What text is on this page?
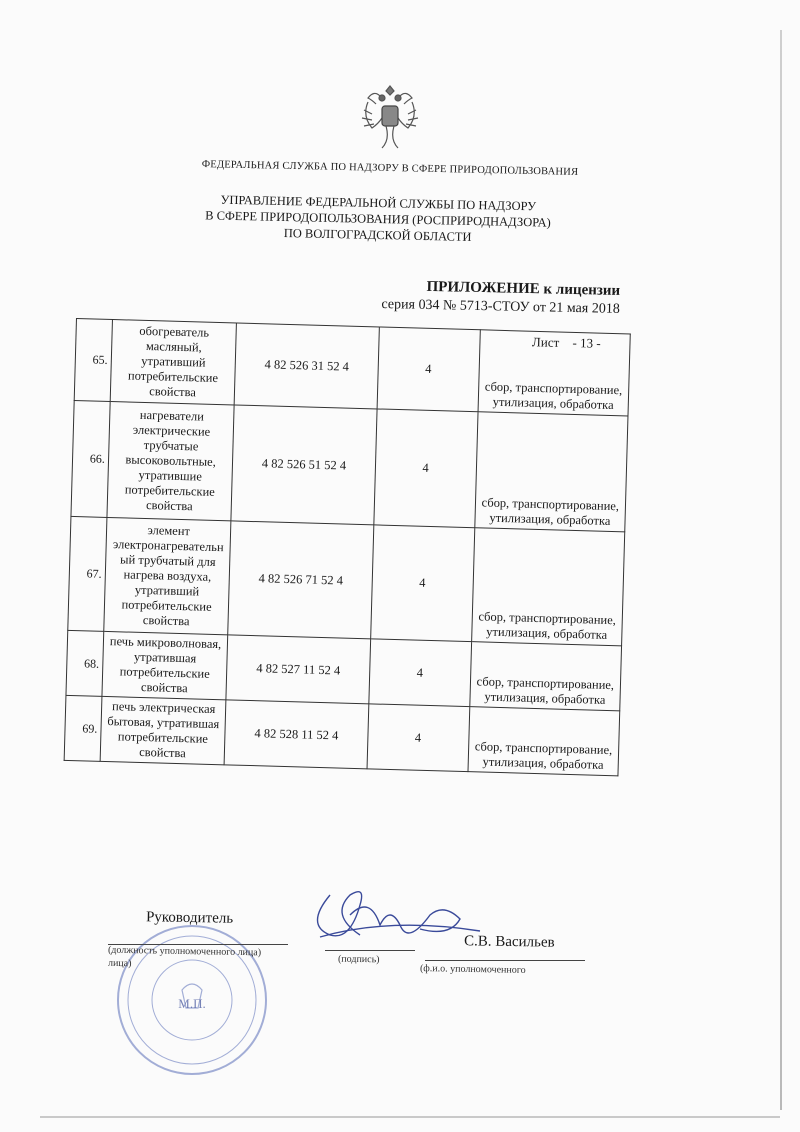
ФЕДЕРАЛЬНАЯ СЛУЖБА ПО НАДЗОРУ В СФЕРЕ ПРИРОДОПОЛЬЗОВАНИЯ
УПРАВЛЕНИЕ ФЕДЕРАЛЬНОЙ СЛУЖБЫ ПО НАДЗОРУ
В СФЕРЕ ПРИРОДОПОЛЬЗОВАНИЯ (РОСПРИРОДНАДЗОРА)
ПО ВОЛГОГРАДСКОЙ ОБЛАСТИ
ПРИЛОЖЕНИЕ к лицензии
серия 034 № 5713-СТОУ от 21 мая 2018
Лист - 13 -
65.	обогреватель масляный, утративший потребительские свойства	4 82 526 31 52 4	4	сбор, транспортирование, утилизация, обработка
66.	нагреватели электрические трубчатые высоковольтные, утратившие потребительские свойства	4 82 526 51 52 4	4	сбор, транспортирование, утилизация, обработка
67.	элемент электронагревательн ый трубчатый для нагрева воздуха, утративший потребительские свойства	4 82 526 71 52 4	4	сбор, транспортирование, утилизация, обработка
68.	печь микроволновая, утратившая потребительские свойства	4 82 527 11 52 4	4	сбор, транспортирование, утилизация, обработка
69.	печь электрическая бытовая, утратившая потребительские свойства	4 82 528 11 52 4	4	сбор, транспортирование, утилизация, обработка
М.П.
Руководитель
С.В. Васильев
(должность уполномоченного лица)
лица)	(подпись)
(ф.и.о. уполномоченного
